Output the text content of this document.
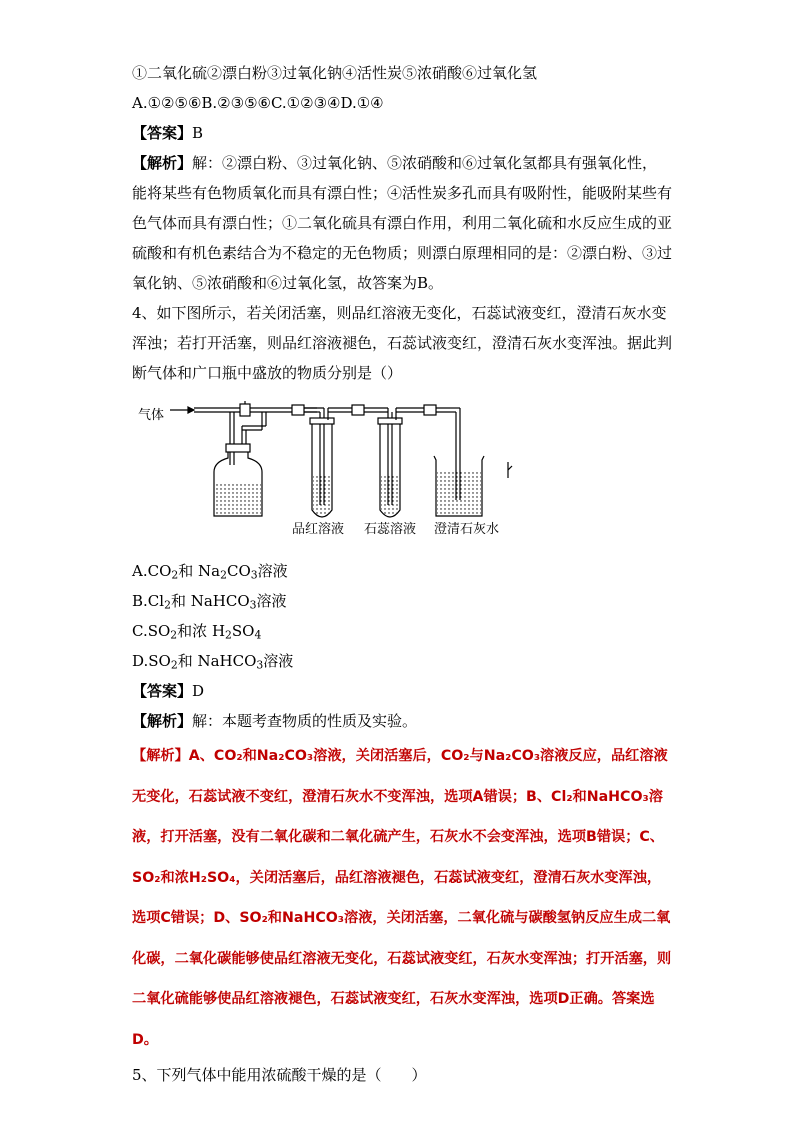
①二氧化硫②漂白粉③过氧化钠④活性炭⑤浓硝酸⑥过氧化氢
A.①②⑤⑥B.②③⑤⑥C.①②③④D.①④
【答案】B
【解析】解：②漂白粉、③过氧化钠、⑤浓硝酸和⑥过氧化氢都具有强氧化性，能将某些有色物质氧化而具有漂白性；④活性炭多孔而具有吸附性，能吸附某些有色气体而具有漂白性；①二氧化硫具有漂白作用，利用二氧化硫和水反应生成的亚硫酸和有机色素结合为不稳定的无色物质；则漂白原理相同的是：②漂白粉、③过氧化钠、⑤浓硝酸和⑥过氧化氢，故答案为B。
4、如下图所示，若关闭活塞，则品红溶液无变化，石蕊试液变红，澄清石灰水变浑浊；若打开活塞，则品红溶液褪色，石蕊试液变红，澄清石灰水变浑浊。据此判断气体和广口瓶中盛放的物质分别是（）
气体
品红溶液 石蕊溶液 澄清石灰水
$A.CO_2$和 $Na_2CO_3$溶液
$B.Cl_2$和 NaHCO$_3$溶液
$C.SO_2$和浓 $H_2SO_4$
$D.SO_2$和 NaHCO$_3$溶液
【答案】D
【解析】解：本题考查物质的性质及实验。
【解析】A、CO₂和Na₂CO₃溶液，关闭活塞后，CO₂与Na₂CO₃溶液反应，品红溶液无变化，石蕊试液不变红，澄清石灰水不变浑浊，选项A错误；B、Cl₂和NaHCO₃溶液，打开活塞，没有二氧化碳和二氧化硫产生，石灰水不会变浑浊，选项B错误；C、SO₂和浓H₂SO₄，关闭活塞后，品红溶液褪色，石蕊试液变红，澄清石灰水变浑浊，选项C错误；D、SO₂和NaHCO₃溶液，关闭活塞，二氧化硫与碳酸氢钠反应生成二氧化碳，二氧化碳能够使品红溶液无变化，石蕊试液变红，石灰水变浑浊；打开活塞，则二氧化硫能够使品红溶液褪色，石蕊试液变红，石灰水变浑浊，选项D正确。答案选D。
5、下列气体中能用浓硫酸干燥的是（　　）
